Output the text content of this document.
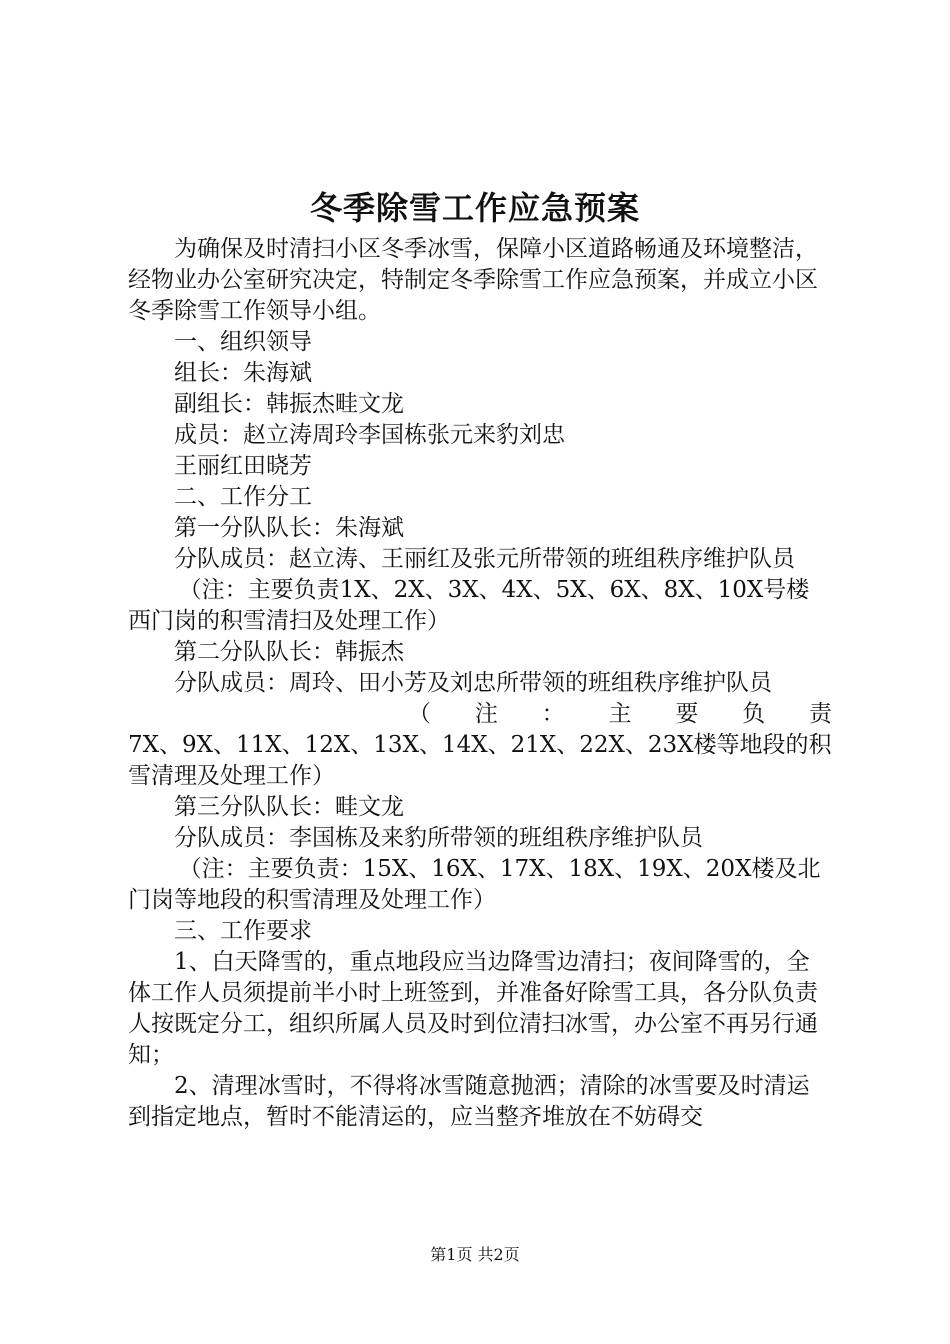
冬季除雪工作应急预案

为确保及时清扫小区冬季冰雪，保障小区道路畅通及环境整洁，经物业办公室研究决定，特制定冬季除雪工作应急预案，并成立小区冬季除雪工作领导小组。

一、组织领导

组长：朱海斌

副组长：韩振杰畦文龙

成员：赵立涛周玲李国栋张元来豹刘忠

王丽红田晓芳

二、工作分工

第一分队队长：朱海斌

分队成员：赵立涛、王丽红及张元所带领的班组秩序维护队员

（注：主要负责1X、2X、3X、4X、5X、6X、8X、10X号楼西门岗的积雪清扫及处理工作）

第二分队队长：韩振杰

分队成员：周玲、田小芳及刘忠所带领的班组秩序维护队员

（注：主要负责

7X、9X、11X、12X、13X、14X、21X、22X、23X楼等地段的积雪清理及处理工作）

第三分队队长：畦文龙

分队成员：李国栋及来豹所带领的班组秩序维护队员

（注：主要负责：15X、16X、17X、18X、19X、20X楼及北门岗等地段的积雪清理及处理工作）

三、工作要求

1、白天降雪的，重点地段应当边降雪边清扫；夜间降雪的，全体工作人员须提前半小时上班签到，并准备好除雪工具，各分队负责人按既定分工，组织所属人员及时到位清扫冰雪，办公室不再另行通知；

2、清理冰雪时，不得将冰雪随意抛洒；清除的冰雪要及时清运到指定地点，暂时不能清运的，应当整齐堆放在不妨碍交

第1页 共2页
